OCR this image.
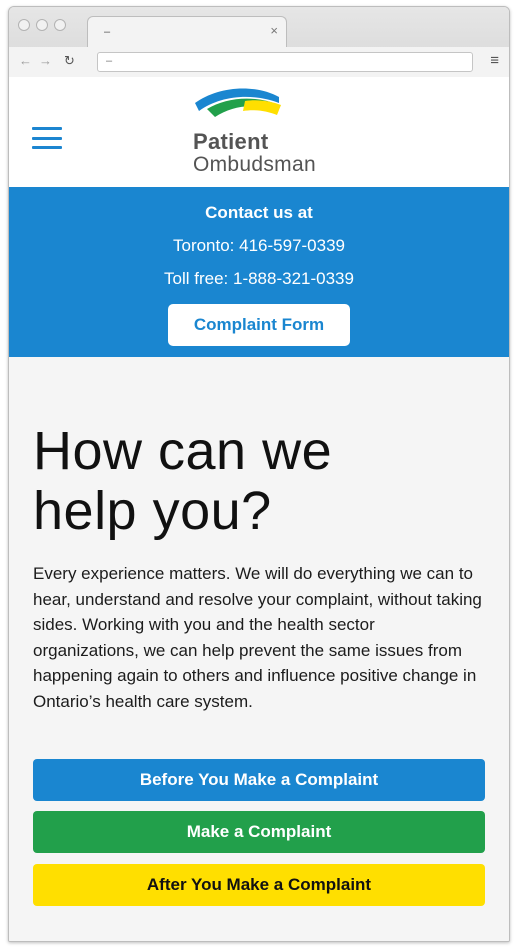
–	×
← → ↻	–	≡
Patient
Ombudsman
Contact us at
Toronto: 416-597-0339
Toll free: 1-888-321-0339
Complaint Form
How can we
help you?

Every experience matters. We will do everything we can to hear, understand and resolve your complaint, without taking sides. Working with you and the health sector organizations, we can help prevent the same issues from happening again to others and influence positive change in Ontario’s health care system.

Before You Make a Complaint
Make a Complaint
After You Make a Complaint
